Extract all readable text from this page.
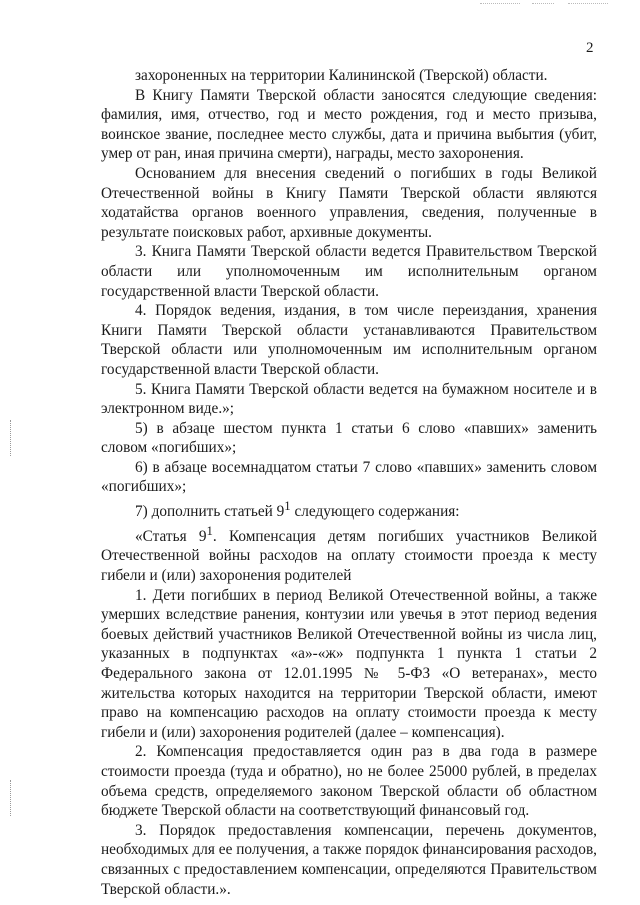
2

захороненных на территории Калининской (Тверской) области.

В Книгу Памяти Тверской области заносятся следующие сведения: фамилия, имя, отчество, год и место рождения, год и место призыва, воинское звание, последнее место службы, дата и причина выбытия (убит, умер от ран, иная причина смерти), награды, место захоронения.

Основанием для внесения сведений о погибших в годы Великой Отечественной войны в Книгу Памяти Тверской области являются ходатайства органов военного управления, сведения, полученные в результате поисковых работ, архивные документы.

3. Книга Памяти Тверской области ведется Правительством Тверской области или уполномоченным им исполнительным органом государственной власти Тверской области.

4. Порядок ведения, издания, в том числе переиздания, хранения Книги Памяти Тверской области устанавливаются Правительством Тверской области или уполномоченным им исполнительным органом государственной власти Тверской области.

5. Книга Памяти Тверской области ведется на бумажном носителе и в электронном виде.»;

5) в абзаце шестом пункта 1 статьи 6 слово «павших» заменить словом «погибших»;

6) в абзаце восемнадцатом статьи 7 слово «павших» заменить словом «погибших»;

7) дополнить статьей $9^1$ следующего содержания:

«Статья $9^1$. Компенсация детям погибших участников Великой Отечественной войны расходов на оплату стоимости проезда к месту гибели и (или) захоронения родителей

1. Дети погибших в период Великой Отечественной войны, а также умерших вследствие ранения, контузии или увечья в этот период ведения боевых действий участников Великой Отечественной войны из числа лиц, указанных в подпунктах «а»-«ж» подпункта 1 пункта 1 статьи 2 Федерального закона от 12.01.1995 № 5-ФЗ «О ветеранах», место жительства которых находится на территории Тверской области, имеют право на компенсацию расходов на оплату стоимости проезда к месту гибели и (или) захоронения родителей (далее – компенсация).

2. Компенсация предоставляется один раз в два года в размере стоимости проезда (туда и обратно), но не более 25000 рублей, в пределах объема средств, определяемого законом Тверской области об областном бюджете Тверской области на соответствующий финансовый год.

3. Порядок предоставления компенсации, перечень документов, необходимых для ее получения, а также порядок финансирования расходов, связанных с предоставлением компенсации, определяются Правительством Тверской области.».
